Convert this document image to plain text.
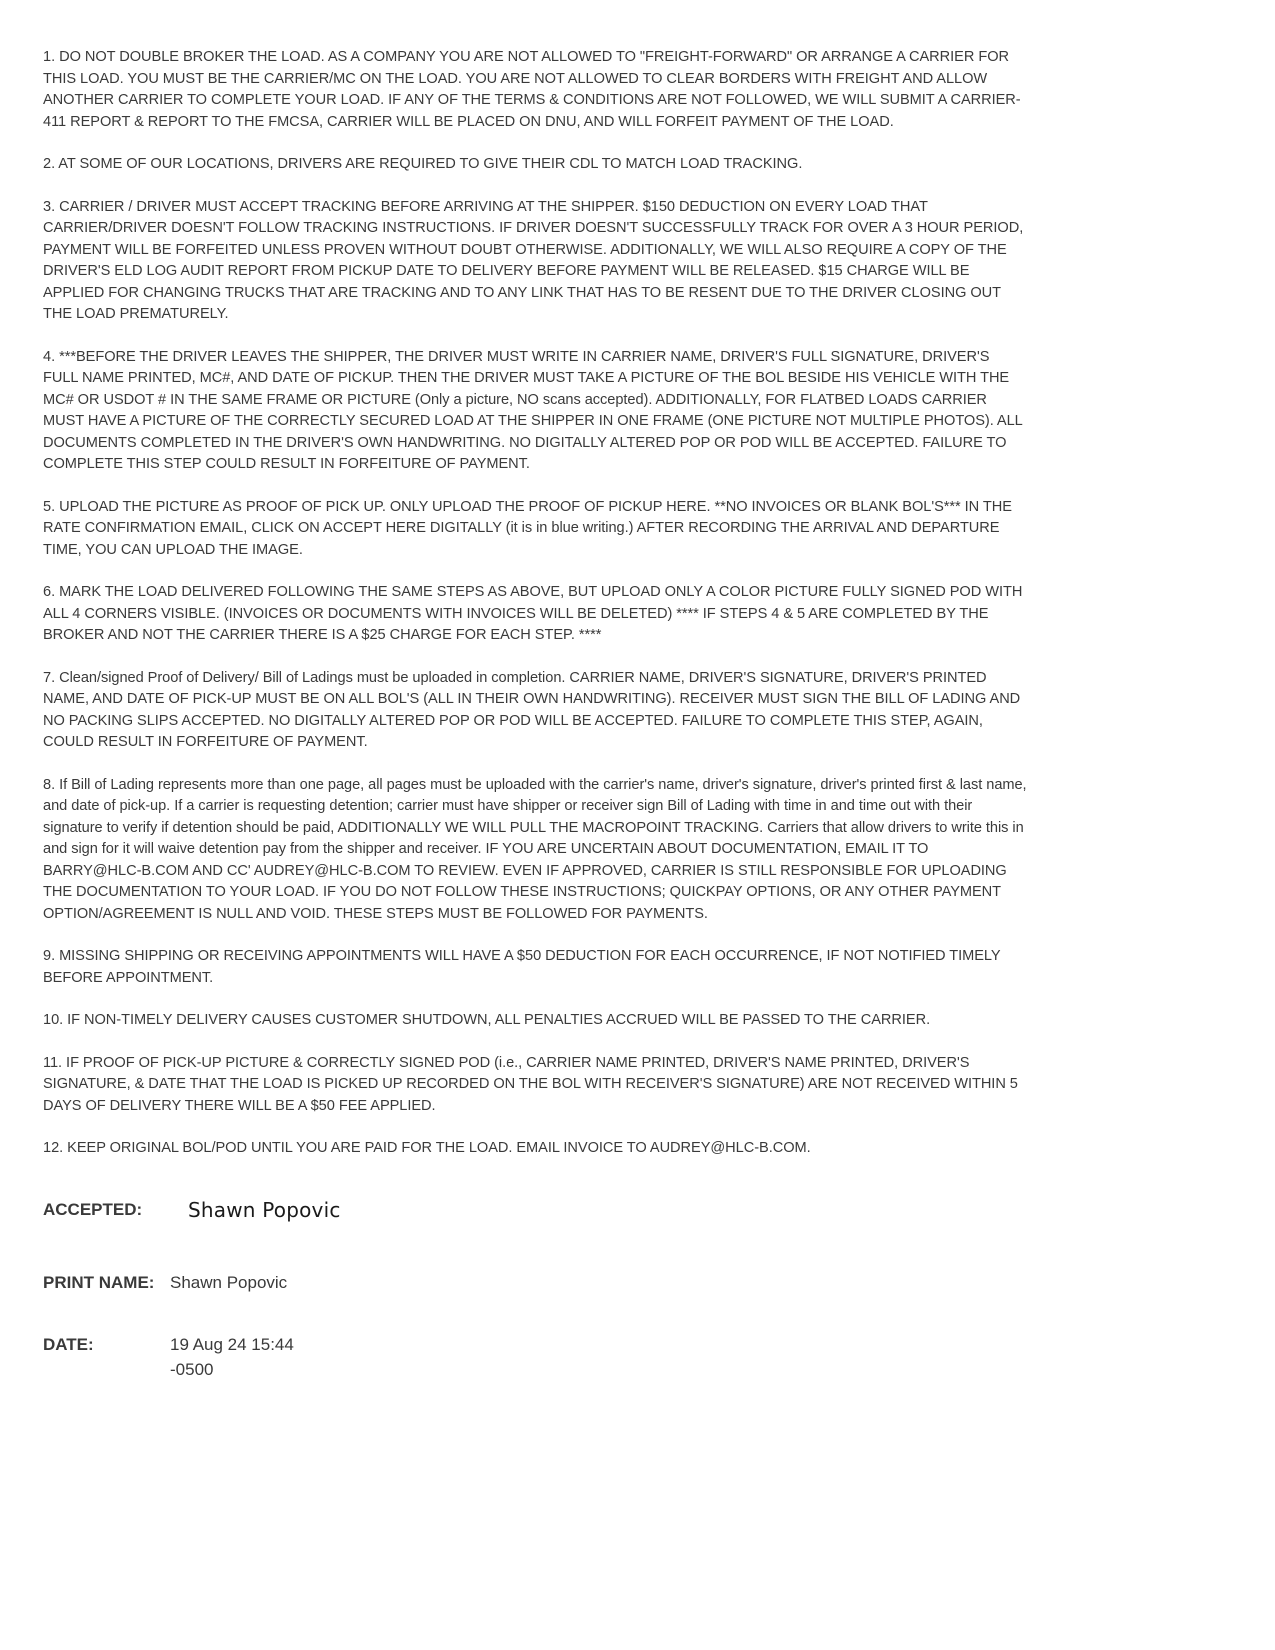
1. DO NOT DOUBLE BROKER THE LOAD. AS A COMPANY YOU ARE NOT ALLOWED TO "FREIGHT-FORWARD" OR ARRANGE A CARRIER FOR THIS LOAD. YOU MUST BE THE CARRIER/MC ON THE LOAD. YOU ARE NOT ALLOWED TO CLEAR BORDERS WITH FREIGHT AND ALLOW ANOTHER CARRIER TO COMPLETE YOUR LOAD. IF ANY OF THE TERMS & CONDITIONS ARE NOT FOLLOWED, WE WILL SUBMIT A CARRIER-411 REPORT & REPORT TO THE FMCSA, CARRIER WILL BE PLACED ON DNU, AND WILL FORFEIT PAYMENT OF THE LOAD.

2. AT SOME OF OUR LOCATIONS, DRIVERS ARE REQUIRED TO GIVE THEIR CDL TO MATCH LOAD TRACKING.

3. CARRIER / DRIVER MUST ACCEPT TRACKING BEFORE ARRIVING AT THE SHIPPER. $150 DEDUCTION ON EVERY LOAD THAT CARRIER/DRIVER DOESN'T FOLLOW TRACKING INSTRUCTIONS. IF DRIVER DOESN'T SUCCESSFULLY TRACK FOR OVER A 3 HOUR PERIOD, PAYMENT WILL BE FORFEITED UNLESS PROVEN WITHOUT DOUBT OTHERWISE. ADDITIONALLY, WE WILL ALSO REQUIRE A COPY OF THE DRIVER'S ELD LOG AUDIT REPORT FROM PICKUP DATE TO DELIVERY BEFORE PAYMENT WILL BE RELEASED. $15 CHARGE WILL BE APPLIED FOR CHANGING TRUCKS THAT ARE TRACKING AND TO ANY LINK THAT HAS TO BE RESENT DUE TO THE DRIVER CLOSING OUT THE LOAD PREMATURELY.

4. ***BEFORE THE DRIVER LEAVES THE SHIPPER, THE DRIVER MUST WRITE IN CARRIER NAME, DRIVER'S FULL SIGNATURE, DRIVER'S FULL NAME PRINTED, MC#, AND DATE OF PICKUP. THEN THE DRIVER MUST TAKE A PICTURE OF THE BOL BESIDE HIS VEHICLE WITH THE MC# OR USDOT # IN THE SAME FRAME OR PICTURE (Only a picture, NO scans accepted). ADDITIONALLY, FOR FLATBED LOADS CARRIER MUST HAVE A PICTURE OF THE CORRECTLY SECURED LOAD AT THE SHIPPER IN ONE FRAME (ONE PICTURE NOT MULTIPLE PHOTOS). ALL DOCUMENTS COMPLETED IN THE DRIVER'S OWN HANDWRITING. NO DIGITALLY ALTERED POP OR POD WILL BE ACCEPTED. FAILURE TO COMPLETE THIS STEP COULD RESULT IN FORFEITURE OF PAYMENT.

5. UPLOAD THE PICTURE AS PROOF OF PICK UP. ONLY UPLOAD THE PROOF OF PICKUP HERE. **NO INVOICES OR BLANK BOL'S*** IN THE RATE CONFIRMATION EMAIL, CLICK ON ACCEPT HERE DIGITALLY (it is in blue writing.) AFTER RECORDING THE ARRIVAL AND DEPARTURE TIME, YOU CAN UPLOAD THE IMAGE.

6. MARK THE LOAD DELIVERED FOLLOWING THE SAME STEPS AS ABOVE, BUT UPLOAD ONLY A COLOR PICTURE FULLY SIGNED POD WITH ALL 4 CORNERS VISIBLE. (INVOICES OR DOCUMENTS WITH INVOICES WILL BE DELETED) **** IF STEPS 4 & 5 ARE COMPLETED BY THE BROKER AND NOT THE CARRIER THERE IS A $25 CHARGE FOR EACH STEP. ****

7. Clean/signed Proof of Delivery/ Bill of Ladings must be uploaded in completion. CARRIER NAME, DRIVER'S SIGNATURE, DRIVER'S PRINTED NAME, AND DATE OF PICK-UP MUST BE ON ALL BOL'S (ALL IN THEIR OWN HANDWRITING). RECEIVER MUST SIGN THE BILL OF LADING AND NO PACKING SLIPS ACCEPTED. NO DIGITALLY ALTERED POP OR POD WILL BE ACCEPTED. FAILURE TO COMPLETE THIS STEP, AGAIN, COULD RESULT IN FORFEITURE OF PAYMENT.

8. If Bill of Lading represents more than one page, all pages must be uploaded with the carrier's name, driver's signature, driver's printed first & last name, and date of pick-up. If a carrier is requesting detention; carrier must have shipper or receiver sign Bill of Lading with time in and time out with their signature to verify if detention should be paid, ADDITIONALLY WE WILL PULL THE MACROPOINT TRACKING. Carriers that allow drivers to write this in and sign for it will waive detention pay from the shipper and receiver. IF YOU ARE UNCERTAIN ABOUT DOCUMENTATION, EMAIL IT TO BARRY@HLC-B.COM AND CC' AUDREY@HLC-B.COM TO REVIEW. EVEN IF APPROVED, CARRIER IS STILL RESPONSIBLE FOR UPLOADING THE DOCUMENTATION TO YOUR LOAD. IF YOU DO NOT FOLLOW THESE INSTRUCTIONS; QUICKPAY OPTIONS, OR ANY OTHER PAYMENT OPTION/AGREEMENT IS NULL AND VOID. THESE STEPS MUST BE FOLLOWED FOR PAYMENTS.

9. MISSING SHIPPING OR RECEIVING APPOINTMENTS WILL HAVE A $50 DEDUCTION FOR EACH OCCURRENCE, IF NOT NOTIFIED TIMELY BEFORE APPOINTMENT.

10. IF NON-TIMELY DELIVERY CAUSES CUSTOMER SHUTDOWN, ALL PENALTIES ACCRUED WILL BE PASSED TO THE CARRIER.

11. IF PROOF OF PICK-UP PICTURE & CORRECTLY SIGNED POD (i.e., CARRIER NAME PRINTED, DRIVER'S NAME PRINTED, DRIVER'S SIGNATURE, & DATE THAT THE LOAD IS PICKED UP RECORDED ON THE BOL WITH RECEIVER'S SIGNATURE) ARE NOT RECEIVED WITHIN 5 DAYS OF DELIVERY THERE WILL BE A $50 FEE APPLIED.

12. KEEP ORIGINAL BOL/POD UNTIL YOU ARE PAID FOR THE LOAD. EMAIL INVOICE TO AUDREY@HLC-B.COM.

ACCEPTED:	Shawn Popovic
PRINT NAME: Shawn Popovic
DATE:	19 Aug 24 15:44 -0500
